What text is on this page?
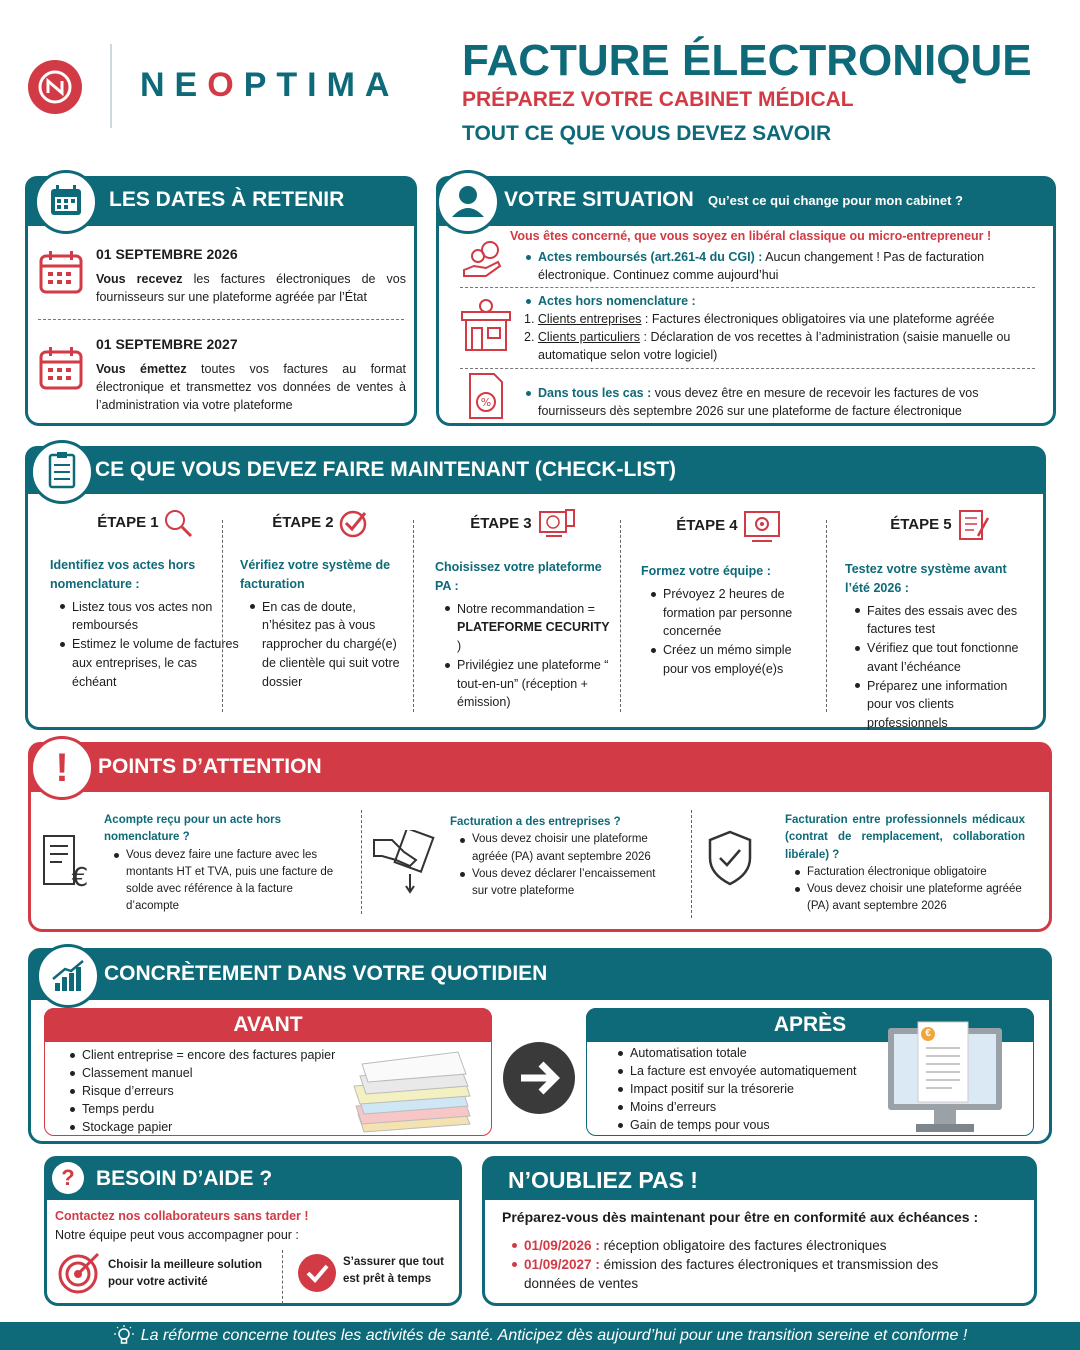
NEOPTIMA FACTURE ÉLECTRONIQUE
PRÉPAREZ VOTRE CABINET MÉDICAL
TOUT CE QUE VOUS DEVEZ SAVOIR
LES DATES À RETENIR
01 SEPTEMBRE 2026
Vous recevez les factures électroniques de vos fournisseurs sur une plateforme agréée par l’État
01 SEPTEMBRE 2027
Vous émettez toutes vos factures au format électronique et transmettez vos données de ventes à l’administration via votre plateforme
VOTRE SITUATION Qu’est ce qui change pour mon cabinet ?
Vous êtes concerné, que vous soyez en libéral classique ou micro-entrepreneur !
Actes remboursés (art.261-4 du CGI) : Aucun changement ! Pas de facturation électronique. Continuez comme aujourd’hui
Actes hors nomenclature :
1. Clients entreprises : Factures électroniques obligatoires via une plateforme agréée
2. Clients particuliers : Déclaration de vos recettes à l’administration (saisie manuelle ou automatique selon votre logiciel)
%
Dans tous les cas : vous devez être en mesure de recevoir les factures de vos fournisseurs dès septembre 2026 sur une plateforme de facture électronique
CE QUE VOUS DEVEZ FAIRE MAINTENANT (CHECK-LIST)
ÉTAPE 1
Identifiez vos actes hors nomenclature :
Listez tous vos actes non remboursés
Estimez le volume de factures aux entreprises, le cas échéant
ÉTAPE 2
Vérifiez votre système de facturation
En cas de doute, n’hésitez pas à vous rapprocher du chargé(e) de clientèle qui suit votre dossier
ÉTAPE 3
Choisissez votre plateforme PA :
Notre recommandation = PLATEFORME CECURITY )
Privilégiez une plateforme “ tout-en-un” (réception + émission)
ÉTAPE 4
Formez votre équipe :
Prévoyez 2 heures de formation par personne concernée
Créez un mémo simple pour vos employé(e)s
ÉTAPE 5
Testez votre système avant l’été 2026 :
Faites des essais avec des factures test
Vérifiez que tout fonctionne avant l’échéance
Préparez une information pour vos clients professionnels
POINTS D’ATTENTION
!
€
Acompte reçu pour un acte hors nomenclature ?
Vous devez faire une facture avec les montants HT et TVA, puis une facture de solde avec référence à la facture d’acompte
Facturation a des entreprises ?
Vous devez choisir une plateforme agréée (PA) avant septembre 2026
Vous devez déclarer l’encaissement sur votre plateforme
Facturation entre professionnels médicaux (contrat de remplacement, collaboration libérale) ?
Facturation électronique obligatoire
Vous devez choisir une plateforme agréée (PA) avant septembre 2026
CONCRÈTEMENT DANS VOTRE QUOTIDIEN
AVANT
Client entreprise = encore des factures papier
Classement manuel
Risque d’erreurs
Temps perdu
Stockage papier
APRÈS
Automatisation totale
La facture est envoyée automatiquement
Impact positif sur la trésorerie
Moins d’erreurs
Gain de temps pour vous
€
BESOIN D’AIDE ?
?
Contactez nos collaborateurs sans tarder !
Notre équipe peut vous accompagner pour :
Choisir la meilleure solution pour votre activité
S’assurer que tout est prêt à temps
N’OUBLIEZ PAS !
Préparez-vous dès maintenant pour être en conformité aux échéances :
01/09/2026 : réception obligatoire des factures électroniques
01/09/2027 : émission des factures électroniques et transmission des données de ventes
La réforme concerne toutes les activités de santé. Anticipez dès aujourd’hui pour une transition sereine et conforme !
